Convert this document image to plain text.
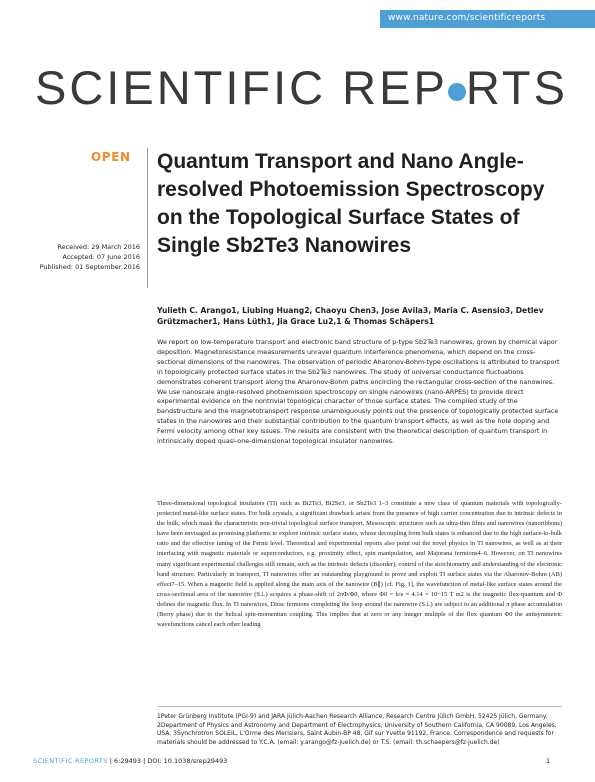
www.nature.com/scientificreports
SCIENTIFIC REP RTS
OPEN Quantum Transport and Nano Angle-resolved Photoemission Spectroscopy on the Topological Surface States of Single Sb2Te3 Nanowires
Received: 29 March 2016
Accepted: 07 June 2016
Published: 01 September 2016
Yulieth C. Arango1, Liubing Huang2, Chaoyu Chen3, Jose Avila3, Maria C. Asensio3, Detlev Grützmacher1, Hans Lüth1, Jia Grace Lu2,1 & Thomas Schäpers1
We report on low-temperature transport and electronic band structure of p-type Sb2Te3 nanowires, grown by chemical vapor deposition. Magnetoresistance measurements unravel quantum interference phenomena, which depend on the cross-sectional dimensions of the nanowires. The observation of periodic Aharonov-Bohm-type oscillations is attributed to transport in topologically protected surface states in the Sb2Te3 nanowires. The study of universal conductance fluctuations demonstrates coherent transport along the Aharonov-Bohm paths encircling the rectangular cross-section of the nanowires. We use nanoscale angle-resolved photoemission spectroscopy on single nanowires (nano-ARPES) to provide direct experimental evidence on the nontrivial topological character of those surface states. The compiled study of the bandstructure and the magnetotransport response unambiguously points out the presence of topologically protected surface states in the nanowires and their substantial contribution to the quantum transport effects, as well as the hole doping and Fermi velocity among other key issues. The results are consistent with the theoretical description of quantum transport in intrinsically doped quasi-one-dimensional topological insulator nanowires.
Three-dimensional topological insulators (TI) such as Bi2Te3, Bi2Se3, or Sb2Te3 1–3 constitute a new class of quantum materials with topologically-protected metal-like surface states. For bulk crystals, a significant drawback arises from the presence of high carrier concentration due to intrinsic defects in the bulk, which mask the characteristic non-trivial topological surface transport. Mesoscopic structures such as ultra-thin films and nanowires (nanoribbons) have been envisaged as promising platforms to explore intrinsic surface states, whose decoupling from bulk states is enhanced due to the high surface-to-bulk ratio and the effective tuning of the Fermi level. Theoretical and experimental reports also point out the novel physics in TI nanowires, as well as at their interfacing with magnetic materials or superconductors, e.g. proximity effect, spin manipulation, and Majorana fermions4–6. However, on TI nanowires many significant experimental challenges still remain, such as the intrinsic defects (disorder), control of the stoichiometry and understanding of the electronic band structure. Particularly in transport, TI nanowires offer an outstanding playground to prove and exploit TI surface states via the Aharonov-Bohm (AB) effect7–15. When a magnetic field is applied along the main axis of the nanowire (B∥) [cf. Fig. 1], the wavefunction of metal-like surface states around the cross-sectional area of the nanowire (S⊥) acquires a phase-shift of 2πΦ/Φ0, where Φ0 = h/e ≈ 4.14 × 10−15 T m2 is the magnetic flux-quantum and Φ defines the magnetic flux. In TI nanowires, Dirac fermions completing the loop around the nanowire (S⊥) are subject to an additional π phase accumulation (Berry phase) due to the helical spin-momentum coupling. This implies that at zero or any integer multiple of the flux quantum Φ0 the antisymmetric wavefunctions cancel each other leading
1Peter Grünberg Institute (PGI-9) and JARA Jülich-Aachen Research Alliance, Research Centre Jülich GmbH, 52425 Jülich, Germany. 2Department of Physics and Astronomy and Department of Electrophysics, University of Southern California, CA 90089, Los Angeles, USA. 3Synchrotron SOLEIL, L'Orme des Merisiers, Saint Aubin-BP 48, Gif sur Yvette 91192, France. Correspondence and requests for materials should be addressed to Y.C.A. (email: y.arango@fz-juelich.de) or T.S. (email: th.schaepers@fz-juelich.de)
SCIENTIFIC REPORTS | 6:29493 | DOI: 10.1038/srep29493	1
